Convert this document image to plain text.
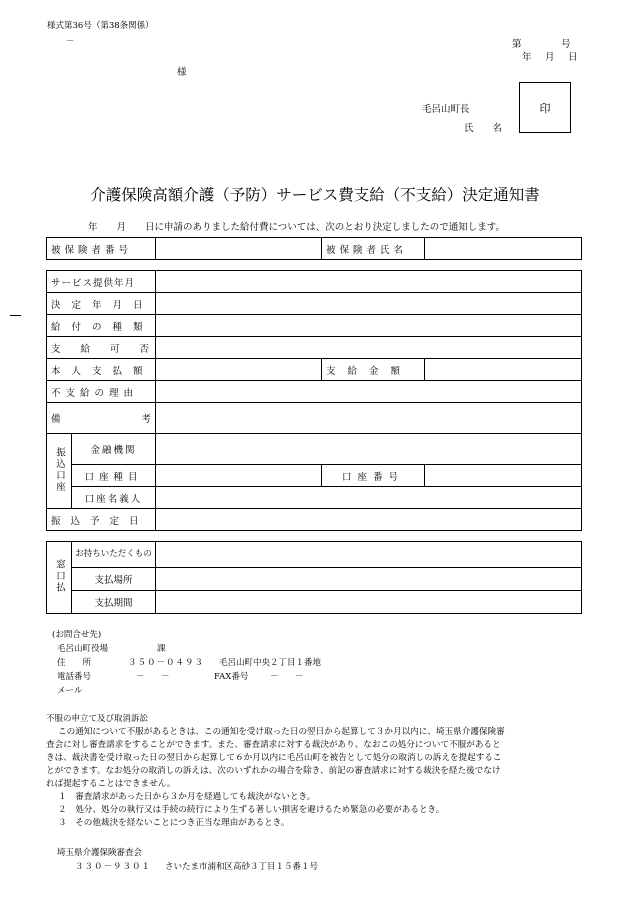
様式第36号（第38条関係）
－	第	号
年　月　日
様
毛呂山町長
氏　　名
印
介護保険高額介護（予防）サービス費支給（不支給）決定通知書
年　　月　　日に申請のありました給付費については、次のとおり決定しましたので通知します。
被保険者番号		被保険者氏名	
サービス提供年月				
決定年月日				
給付の種類				
支給可否				
本人支払額			支給金額	
不支給の理由				

備 考				

振込口座	金融機関			
	口座種目		口座番号	
	口座名義人			
振込予定日				
窓口払	お持ちいただくもの	
	支払場所	
	支払期間	
(お問合せ先)
毛呂山町役場	課
住　　所	３５０－０４９３ 毛呂山町中央２丁目１番地
電話番号	－　－	FAX番号	－　－
メール
不服の申立て及び取消訴訟
この通知について不服があるときは、この通知を受け取った日の翌日から起算して３か月以内に、埼玉県介護保険審
査会に対し審査請求をすることができます。また、審査請求に対する裁決があり、なおこの処分について不服があると
きは、裁決書を受け取った日の翌日から起算して６か月以内に毛呂山町を被告として処分の取消しの訴えを提起するこ
とができます。なお処分の取消しの訴えは、次のいずれかの場合を除き、前記の審査請求に対する裁決を経た後でなけ
れば提起することはできません。
１　審査請求があった日から３か月を経過しても裁決がないとき。
２　処分、処分の執行又は手続の続行により生ずる著しい損害を避けるため緊急の必要があるとき。
３　その他裁決を経ないことにつき正当な理由があるとき。
埼玉県介護保険審査会
３３０－９３０１ さいたま市浦和区高砂３丁目１５番１号
